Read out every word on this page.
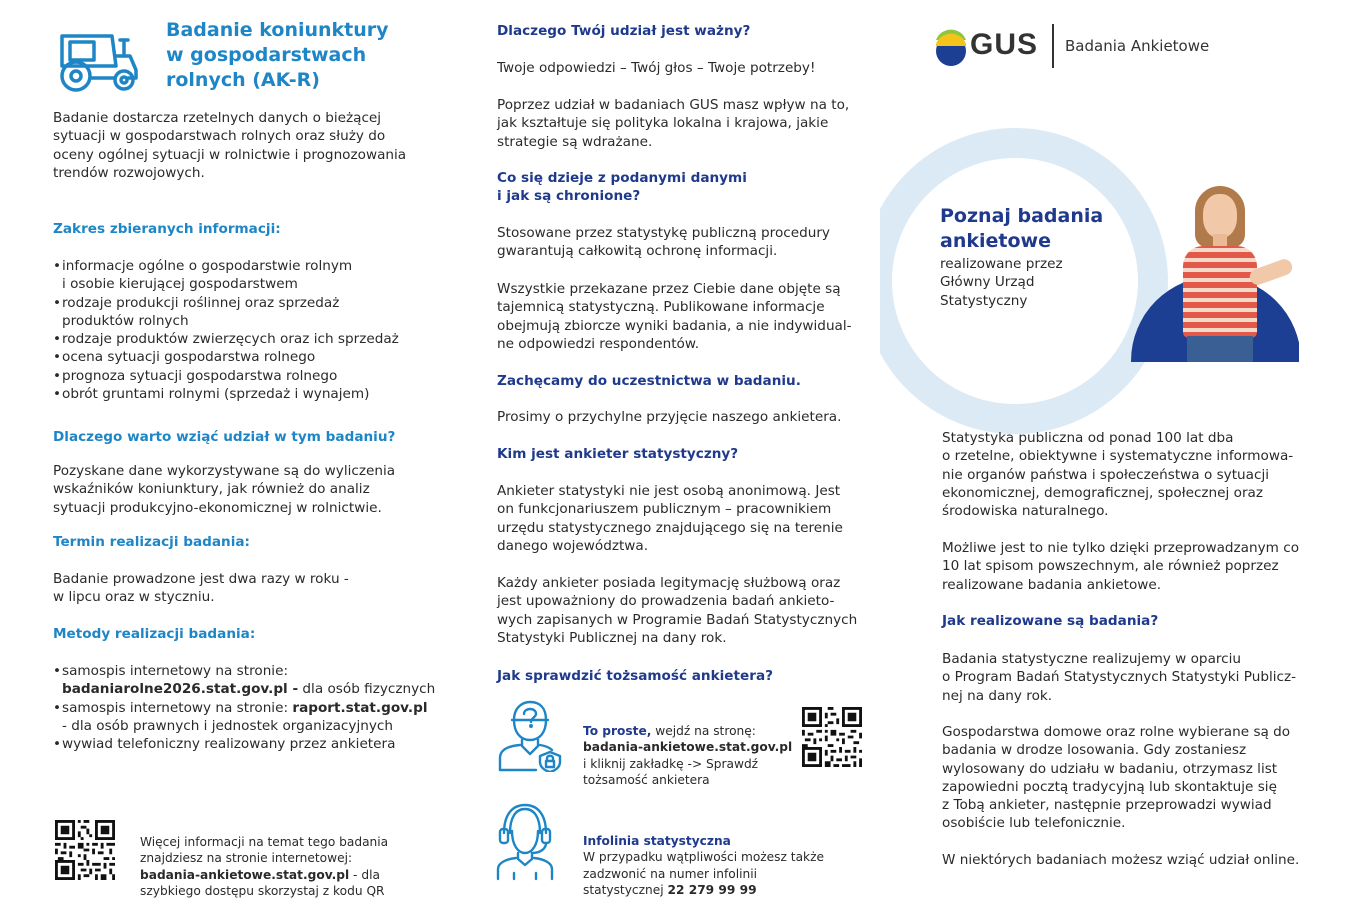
Badanie koniunktury
w gospodarstwach
rolnych (AK-R)
Badanie dostarcza rzetelnych danych o bieżącej
sytuacji w gospodarstwach rolnych oraz służy do
oceny ogólnej sytuacji w rolnictwie i prognozowania
trendów rozwojowych.
Zakres zbieranych informacji:
• informacje ogólne o gospodarstwie rolnym
i osobie kierującej gospodarstwem
• rodzaje produkcji roślinnej oraz sprzedaż
produktów rolnych
• rodzaje produktów zwierzęcych oraz ich sprzedaż
• ocena sytuacji gospodarstwa rolnego
• prognoza sytuacji gospodarstwa rolnego
• obrót gruntami rolnymi (sprzedaż i wynajem)
Dlaczego warto wziąć udział w tym badaniu?
Pozyskane dane wykorzystywane są do wyliczenia
wskaźników koniunktury, jak również do analiz
sytuacji produkcyjno-ekonomicznej w rolnictwie.
Termin realizacji badania:
Badanie prowadzone jest dwa razy w roku -
w lipcu oraz w styczniu.
Metody realizacji badania:
• samospis internetowy na stronie:
badaniarolne2026.stat.gov.pl - dla osób fizycznych
• samospis internetowy na stronie: raport.stat.gov.pl
- dla osób prawnych i jednostek organizacyjnych
• wywiad telefoniczny realizowany przez ankietera

Więcej informacji na temat tego badania
znajdziesz na stronie internetowej:
badania-ankietowe.stat.gov.pl - dla
szybkiego dostępu skorzystaj z kodu QR

Dlaczego Twój udział jest ważny?
Twoje odpowiedzi – Twój głos – Twoje potrzeby!
Poprzez udział w badaniach GUS masz wpływ na to,
jak kształtuje się polityka lokalna i krajowa, jakie
strategie są wdrażane.
Co się dzieje z podanymi danymi
i jak są chronione?
Stosowane przez statystykę publiczną procedury
gwarantują całkowitą ochronę informacji.
Wszystkie przekazane przez Ciebie dane objęte są
tajemnicą statystyczną. Publikowane informacje
obejmują zbiorcze wyniki badania, a nie indywidual-
ne odpowiedzi respondentów.
Zachęcamy do uczestnictwa w badaniu.
Prosimy o przychylne przyjęcie naszego ankietera.
Kim jest ankieter statystyczny?
Ankieter statystyki nie jest osobą anonimową. Jest
on funkcjonariuszem publicznym – pracownikiem
urzędu statystycznego znajdującego się na terenie
danego województwa.
Każdy ankieter posiada legitymację służbową oraz
jest upoważniony do prowadzenia badań ankieto-
wych zapisanych w Programie Badań Statystycznych
Statystyki Publicznej na dany rok.
Jak sprawdzić tożsamość ankietera?

To proste, wejdź na stronę:
badania-ankietowe.stat.gov.pl
i kliknij zakładkę -> Sprawdź
tożsamość ankietera

Infolinia statystyczna
W przypadku wątpliwości możesz także
zadzwonić na numer infolinii
statystycznej 22 279 99 99

GUS Badania Ankietowe
Poznaj badania
ankietowe
realizowane przez
Główny Urząd
Statystyczny
Statystyka publiczna od ponad 100 lat dba
o rzetelne, obiektywne i systematyczne informowa-
nie organów państwa i społeczeństwa o sytuacji
ekonomicznej, demograficznej, społecznej oraz
środowiska naturalnego.
Możliwe jest to nie tylko dzięki przeprowadzanym co
10 lat spisom powszechnym, ale również poprzez
realizowane badania ankietowe.
Jak realizowane są badania?
Badania statystyczne realizujemy w oparciu
o Program Badań Statystycznych Statystyki Publicz-
nej na dany rok.
Gospodarstwa domowe oraz rolne wybierane są do
badania w drodze losowania. Gdy zostaniesz
wylosowany do udziału w badaniu, otrzymasz list
zapowiedni pocztą tradycyjną lub skontaktuje się
z Tobą ankieter, następnie przeprowadzi wywiad
osobiście lub telefonicznie.
W niektórych badaniach możesz wziąć udział online.
